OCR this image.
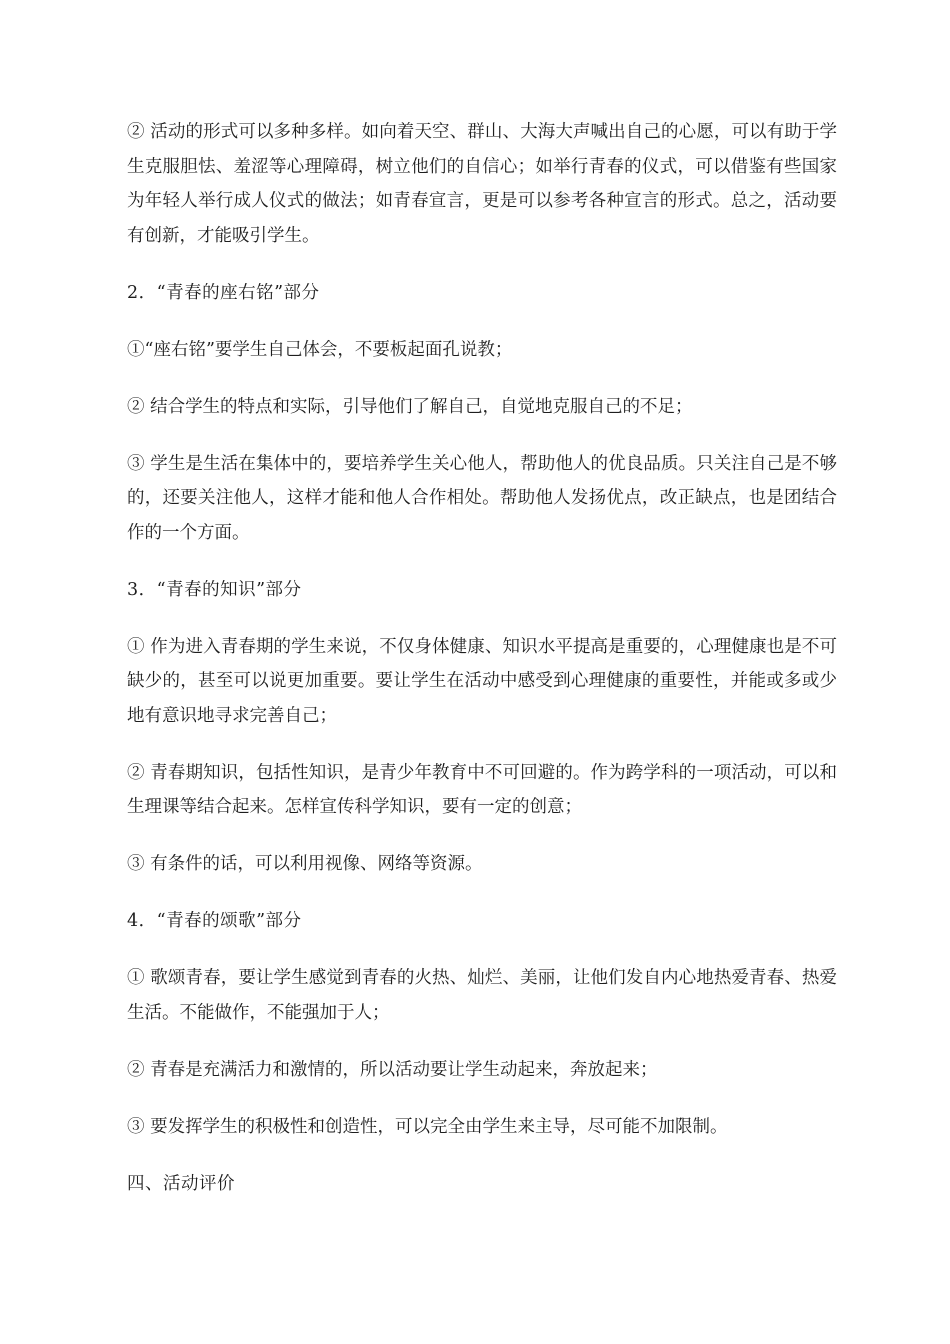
② 活动的形式可以多种多样。如向着天空、群山、大海大声喊出自己的心愿，可以有助于学生克服胆怯、羞涩等心理障碍，树立他们的自信心；如举行青春的仪式，可以借鉴有些国家为年轻人举行成人仪式的做法；如青春宣言，更是可以参考各种宣言的形式。总之，活动要有创新，才能吸引学生。

2．“青春的座右铭”部分

①“座右铭”要学生自己体会，不要板起面孔说教；

② 结合学生的特点和实际，引导他们了解自己，自觉地克服自己的不足；

③ 学生是生活在集体中的，要培养学生关心他人，帮助他人的优良品质。只关注自己是不够的，还要关注他人，这样才能和他人合作相处。帮助他人发扬优点，改正缺点，也是团结合作的一个方面。

3．“青春的知识”部分

① 作为进入青春期的学生来说，不仅身体健康、知识水平提高是重要的，心理健康也是不可缺少的，甚至可以说更加重要。要让学生在活动中感受到心理健康的重要性，并能或多或少地有意识地寻求完善自己；

② 青春期知识，包括性知识，是青少年教育中不可回避的。作为跨学科的一项活动，可以和生理课等结合起来。怎样宣传科学知识，要有一定的创意；

③ 有条件的话，可以利用视像、网络等资源。

4．“青春的颂歌”部分

① 歌颂青春，要让学生感觉到青春的火热、灿烂、美丽，让他们发自内心地热爱青春、热爱生活。不能做作，不能强加于人；

② 青春是充满活力和激情的，所以活动要让学生动起来，奔放起来；

③ 要发挥学生的积极性和创造性，可以完全由学生来主导，尽可能不加限制。

四、活动评价
